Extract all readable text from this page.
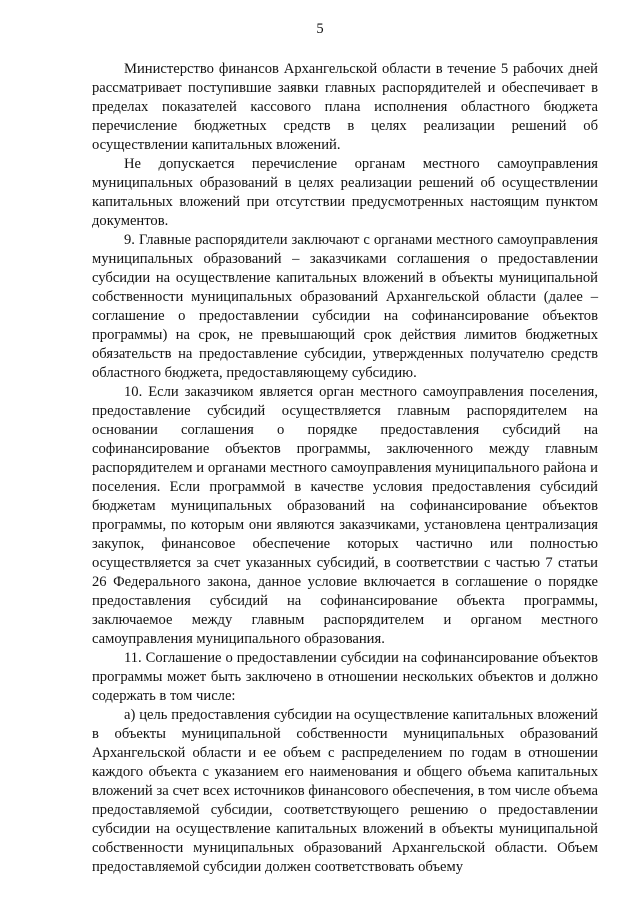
5

Министерство финансов Архангельской области в течение 5 рабочих дней рассматривает поступившие заявки главных распорядителей и обеспечивает в пределах показателей кассового плана исполнения областного бюджета перечисление бюджетных средств в целях реализации решений об осуществлении капитальных вложений.

Не допускается перечисление органам местного самоуправления муниципальных образований в целях реализации решений об осуществлении капитальных вложений при отсутствии предусмотренных настоящим пунктом документов.

9. Главные распорядители заключают с органами местного самоуправления муниципальных образований – заказчиками соглашения о предоставлении субсидии на осуществление капитальных вложений в объекты муниципальной собственности муниципальных образований Архангельской области (далее – соглашение о предоставлении субсидии на софинансирование объектов программы) на срок, не превышающий срок действия лимитов бюджетных обязательств на предоставление субсидии, утвержденных получателю средств областного бюджета, предоставляющему субсидию.

10. Если заказчиком является орган местного самоуправления поселения, предоставление субсидий осуществляется главным распорядителем на основании соглашения о порядке предоставления субсидий на софинансирование объектов программы, заключенного между главным распорядителем и органами местного самоуправления муниципального района и поселения. Если программой в качестве условия предоставления субсидий бюджетам муниципальных образований на софинансирование объектов программы, по которым они являются заказчиками, установлена централизация закупок, финансовое обеспечение которых частично или полностью осуществляется за счет указанных субсидий, в соответствии с частью 7 статьи 26 Федерального закона, данное условие включается в соглашение о порядке предоставления субсидий на софинансирование объекта программы, заключаемое между главным распорядителем и органом местного самоуправления муниципального образования.

11. Соглашение о предоставлении субсидии на софинансирование объектов программы может быть заключено в отношении нескольких объектов и должно содержать в том числе:

а) цель предоставления субсидии на осуществление капитальных вложений в объекты муниципальной собственности муниципальных образований Архангельской области и ее объем с распределением по годам в отношении каждого объекта с указанием его наименования и общего объема капитальных вложений за счет всех источников финансового обеспечения, в том числе объема предоставляемой субсидии, соответствующего решению о предоставлении субсидии на осуществление капитальных вложений в объекты муниципальной собственности муниципальных образований Архангельской области. Объем предоставляемой субсидии должен соответствовать объему
